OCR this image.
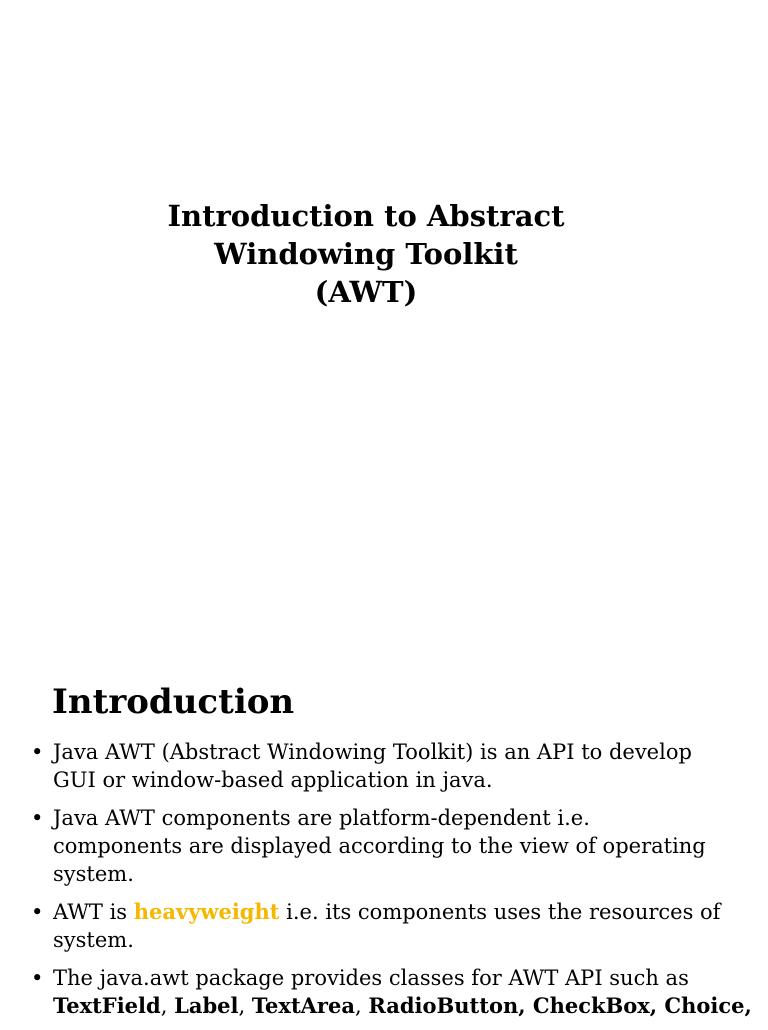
Introduction to Abstract
Windowing Toolkit
(AWT)
Introduction
• Java AWT (Abstract Windowing Toolkit) is an API to develop
GUI or window-based application in java.
• Java AWT components are platform-dependent i.e.
components are displayed according to the view of operating
system.
• AWT is heavyweight i.e. its components uses the resources of
system.
• The java.awt package provides classes for AWT API such as
TextField, Label, TextArea, RadioButton, CheckBox, Choice,
